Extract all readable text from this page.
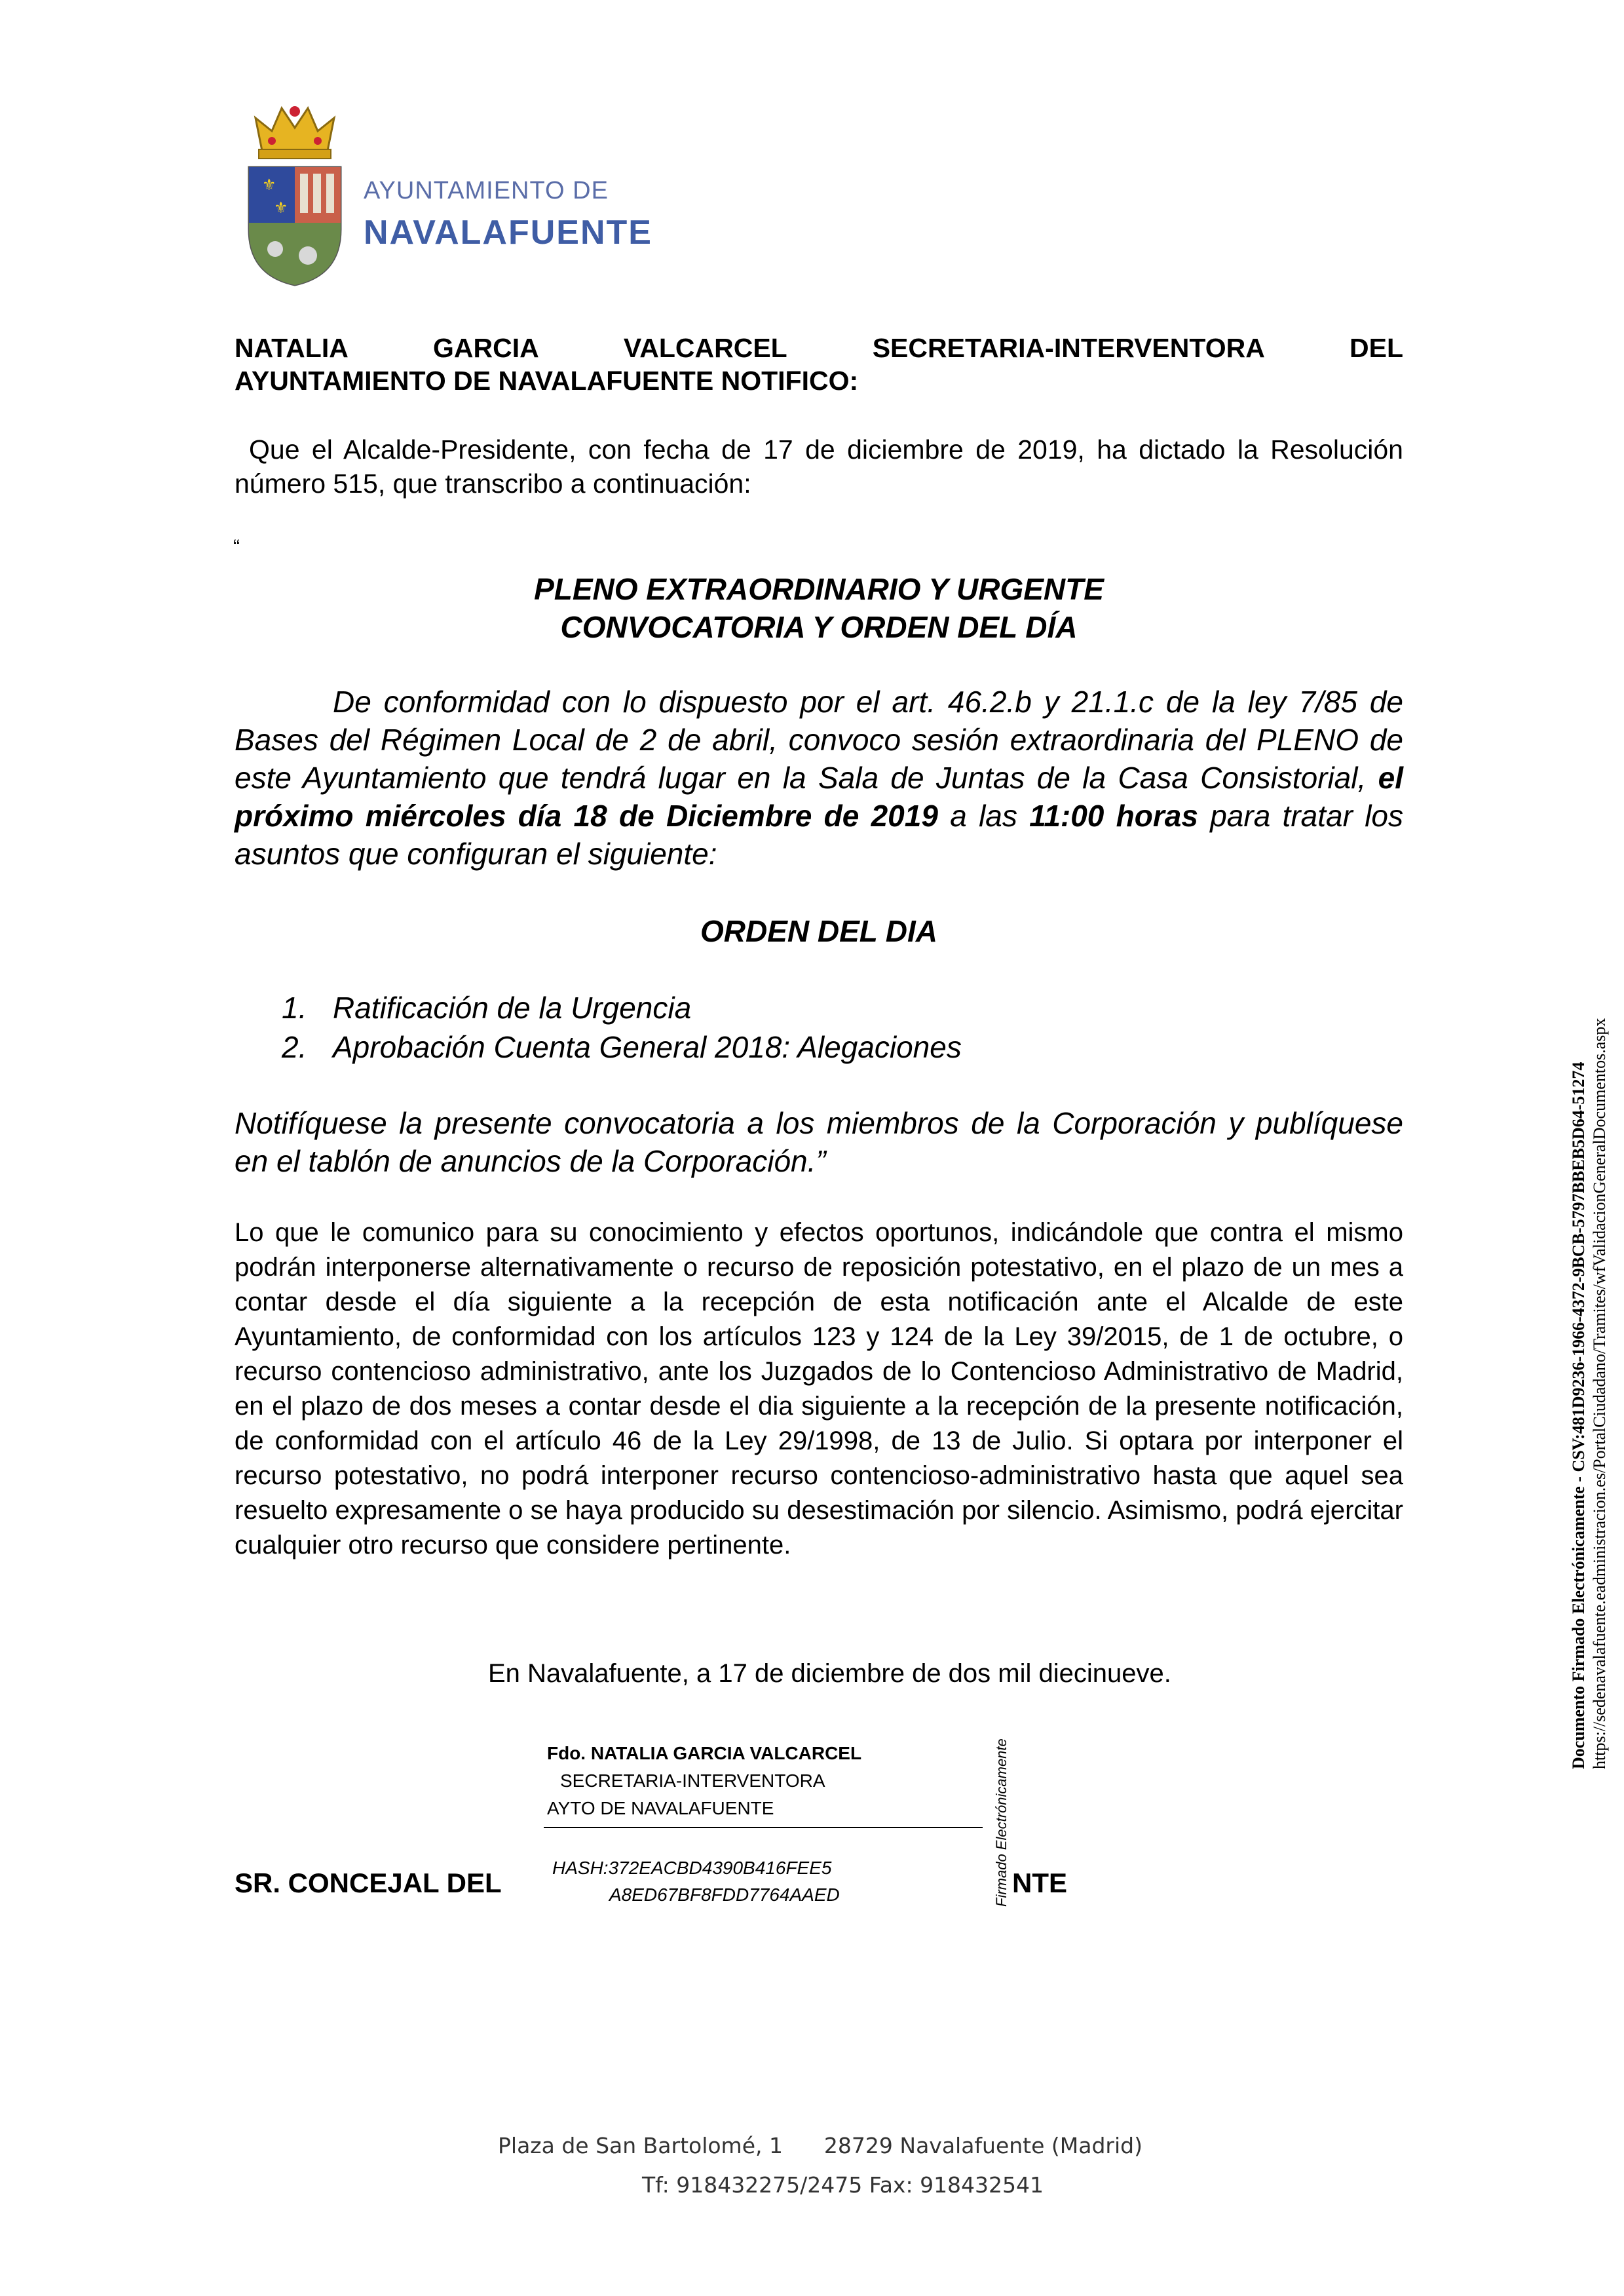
⚜
⚜
AYUNTAMIENTO DE
NAVALAFUENTE
NATALIA GARCIA VALCARCEL SECRETARIA-INTERVENTORA DEL
AYUNTAMIENTO DE NAVALAFUENTE NOTIFICO:
Que el Alcalde-Presidente, con fecha de 17 de diciembre de 2019, ha dictado la Resolución número 515, que transcribo a continuación:
“
PLENO EXTRAORDINARIO Y URGENTE
CONVOCATORIA Y ORDEN DEL DÍA
De conformidad con lo dispuesto por el art. 46.2.b y 21.1.c de la ley 7/85 de Bases del Régimen Local de 2 de abril, convoco sesión extraordinaria del PLENO de este Ayuntamiento que tendrá lugar en la Sala de Juntas de la Casa Consistorial, el próximo miércoles día 18 de Diciembre de 2019 a las 11:00 horas para tratar los asuntos que configuran el siguiente:
ORDEN DEL DIA
1. Ratificación de la Urgencia
2. Aprobación Cuenta General 2018: Alegaciones
Notifíquese la presente convocatoria a los miembros de la Corporación y publíquese en el tablón de anuncios de la Corporación.”
Lo que le comunico para su conocimiento y efectos oportunos, indicándole que contra el mismo podrán interponerse alternativamente o recurso de reposición potestativo, en el plazo de un mes a contar desde el día siguiente a la recepción de esta notificación ante el Alcalde de este Ayuntamiento, de conformidad con los artículos 123 y 124 de la Ley 39/2015, de 1 de octubre, o recurso contencioso administrativo, ante los Juzgados de lo Contencioso Administrativo de Madrid, en el plazo de dos meses a contar desde el dia siguiente a la recepción de la presente notificación, de conformidad con el artículo 46 de la Ley 29/1998, de 13 de Julio. Si optara por interponer el recurso potestativo, no podrá interponer recurso contencioso-administrativo hasta que aquel sea resuelto expresamente o se haya producido su desestimación por silencio. Asimismo, podrá ejercitar cualquier otro recurso que considere pertinente.
En Navalafuente, a 17 de diciembre de dos mil diecinueve.
Fdo. NATALIA GARCIA VALCARCEL
SECRETARIA-INTERVENTORA
AYTO DE NAVALAFUENTE
HASH:372EACBD4390B416FEE5
A8ED67BF8FDD7764AAED	Firmado Electrónicamente
SR. CONCEJAL DEL	NTE
Plaza de San Bartolomé, 1      28729 Navalafuente (Madrid)
Tf: 918432275/2475 Fax: 918432541
Documento Firmado Electrónicamente - CSV:481D9236-1966-4372-9BCB-5797BBEB5D64-51274 https://sedenavalafuente.eadministracion.es/PortalCiudadano/Tramites/wfValidacionGeneralDocumentos.aspx
